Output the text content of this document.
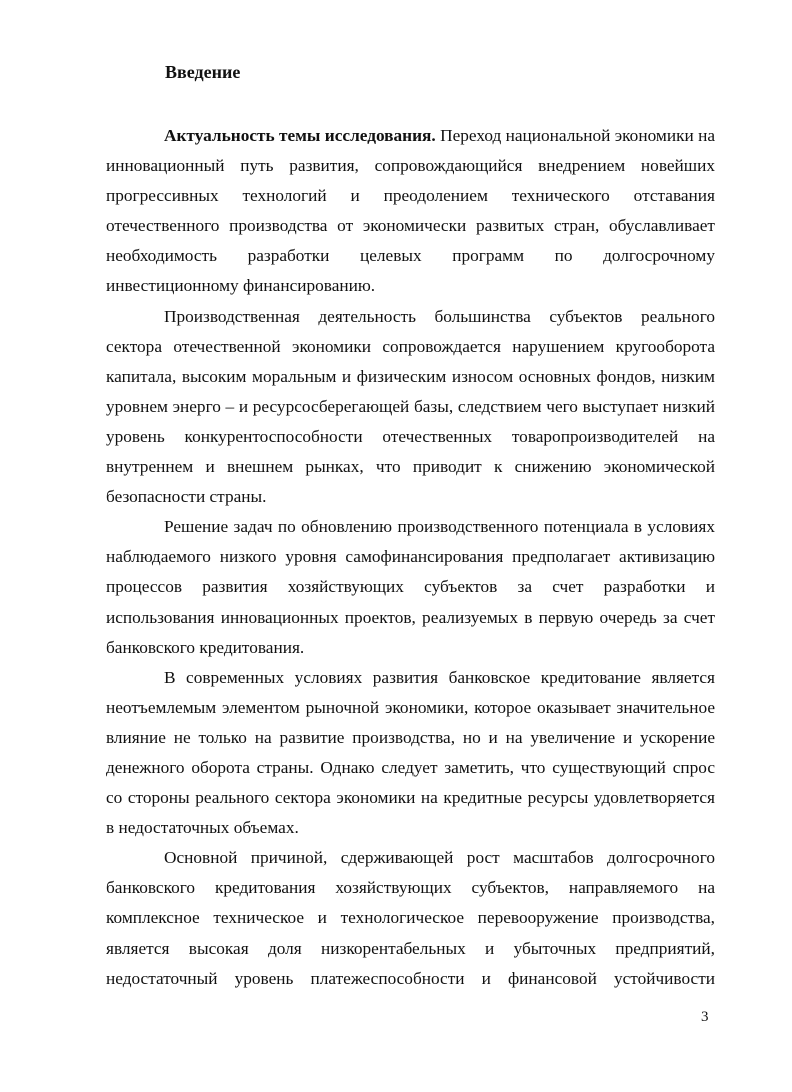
Введение

Актуальность темы исследования. Переход национальной экономики на инновационный путь развития, сопровождающийся внедрением новейших прогрессивных технологий и преодолением технического отставания отечественного производства от экономически развитых стран, обуславливает необходимость разработки целевых программ по долгосрочному инвестиционному финансированию.

Производственная деятельность большинства субъектов реального сектора отечественной экономики сопровождается нарушением кругооборота капитала, высоким моральным и физическим износом основных фондов, низким уровнем энерго – и ресурсосберегающей базы, следствием чего выступает низкий уровень конкурентоспособности отечественных товаропроизводителей на внутреннем и внешнем рынках, что приводит к снижению экономической безопасности страны.

Решение задач по обновлению производственного потенциала в условиях наблюдаемого низкого уровня самофинансирования предполагает активизацию процессов развития хозяйствующих субъектов за счет разработки и использования инновационных проектов, реализуемых в первую очередь за счет банковского кредитования.

В современных условиях развития банковское кредитование является неотъемлемым элементом рыночной экономики, которое оказывает значительное влияние не только на развитие производства, но и на увеличение и ускорение денежного оборота страны. Однако следует заметить, что существующий спрос со стороны реального сектора экономики на кредитные ресурсы удовлетворяется в недостаточных объемах.

Основной причиной, сдерживающей рост масштабов долгосрочного банковского кредитования хозяйствующих субъектов, направляемого на комплексное техническое и технологическое перевооружение производства, является высокая доля низкорентабельных и убыточных предприятий, недостаточный уровень платежеспособности и финансовой устойчивости

3
